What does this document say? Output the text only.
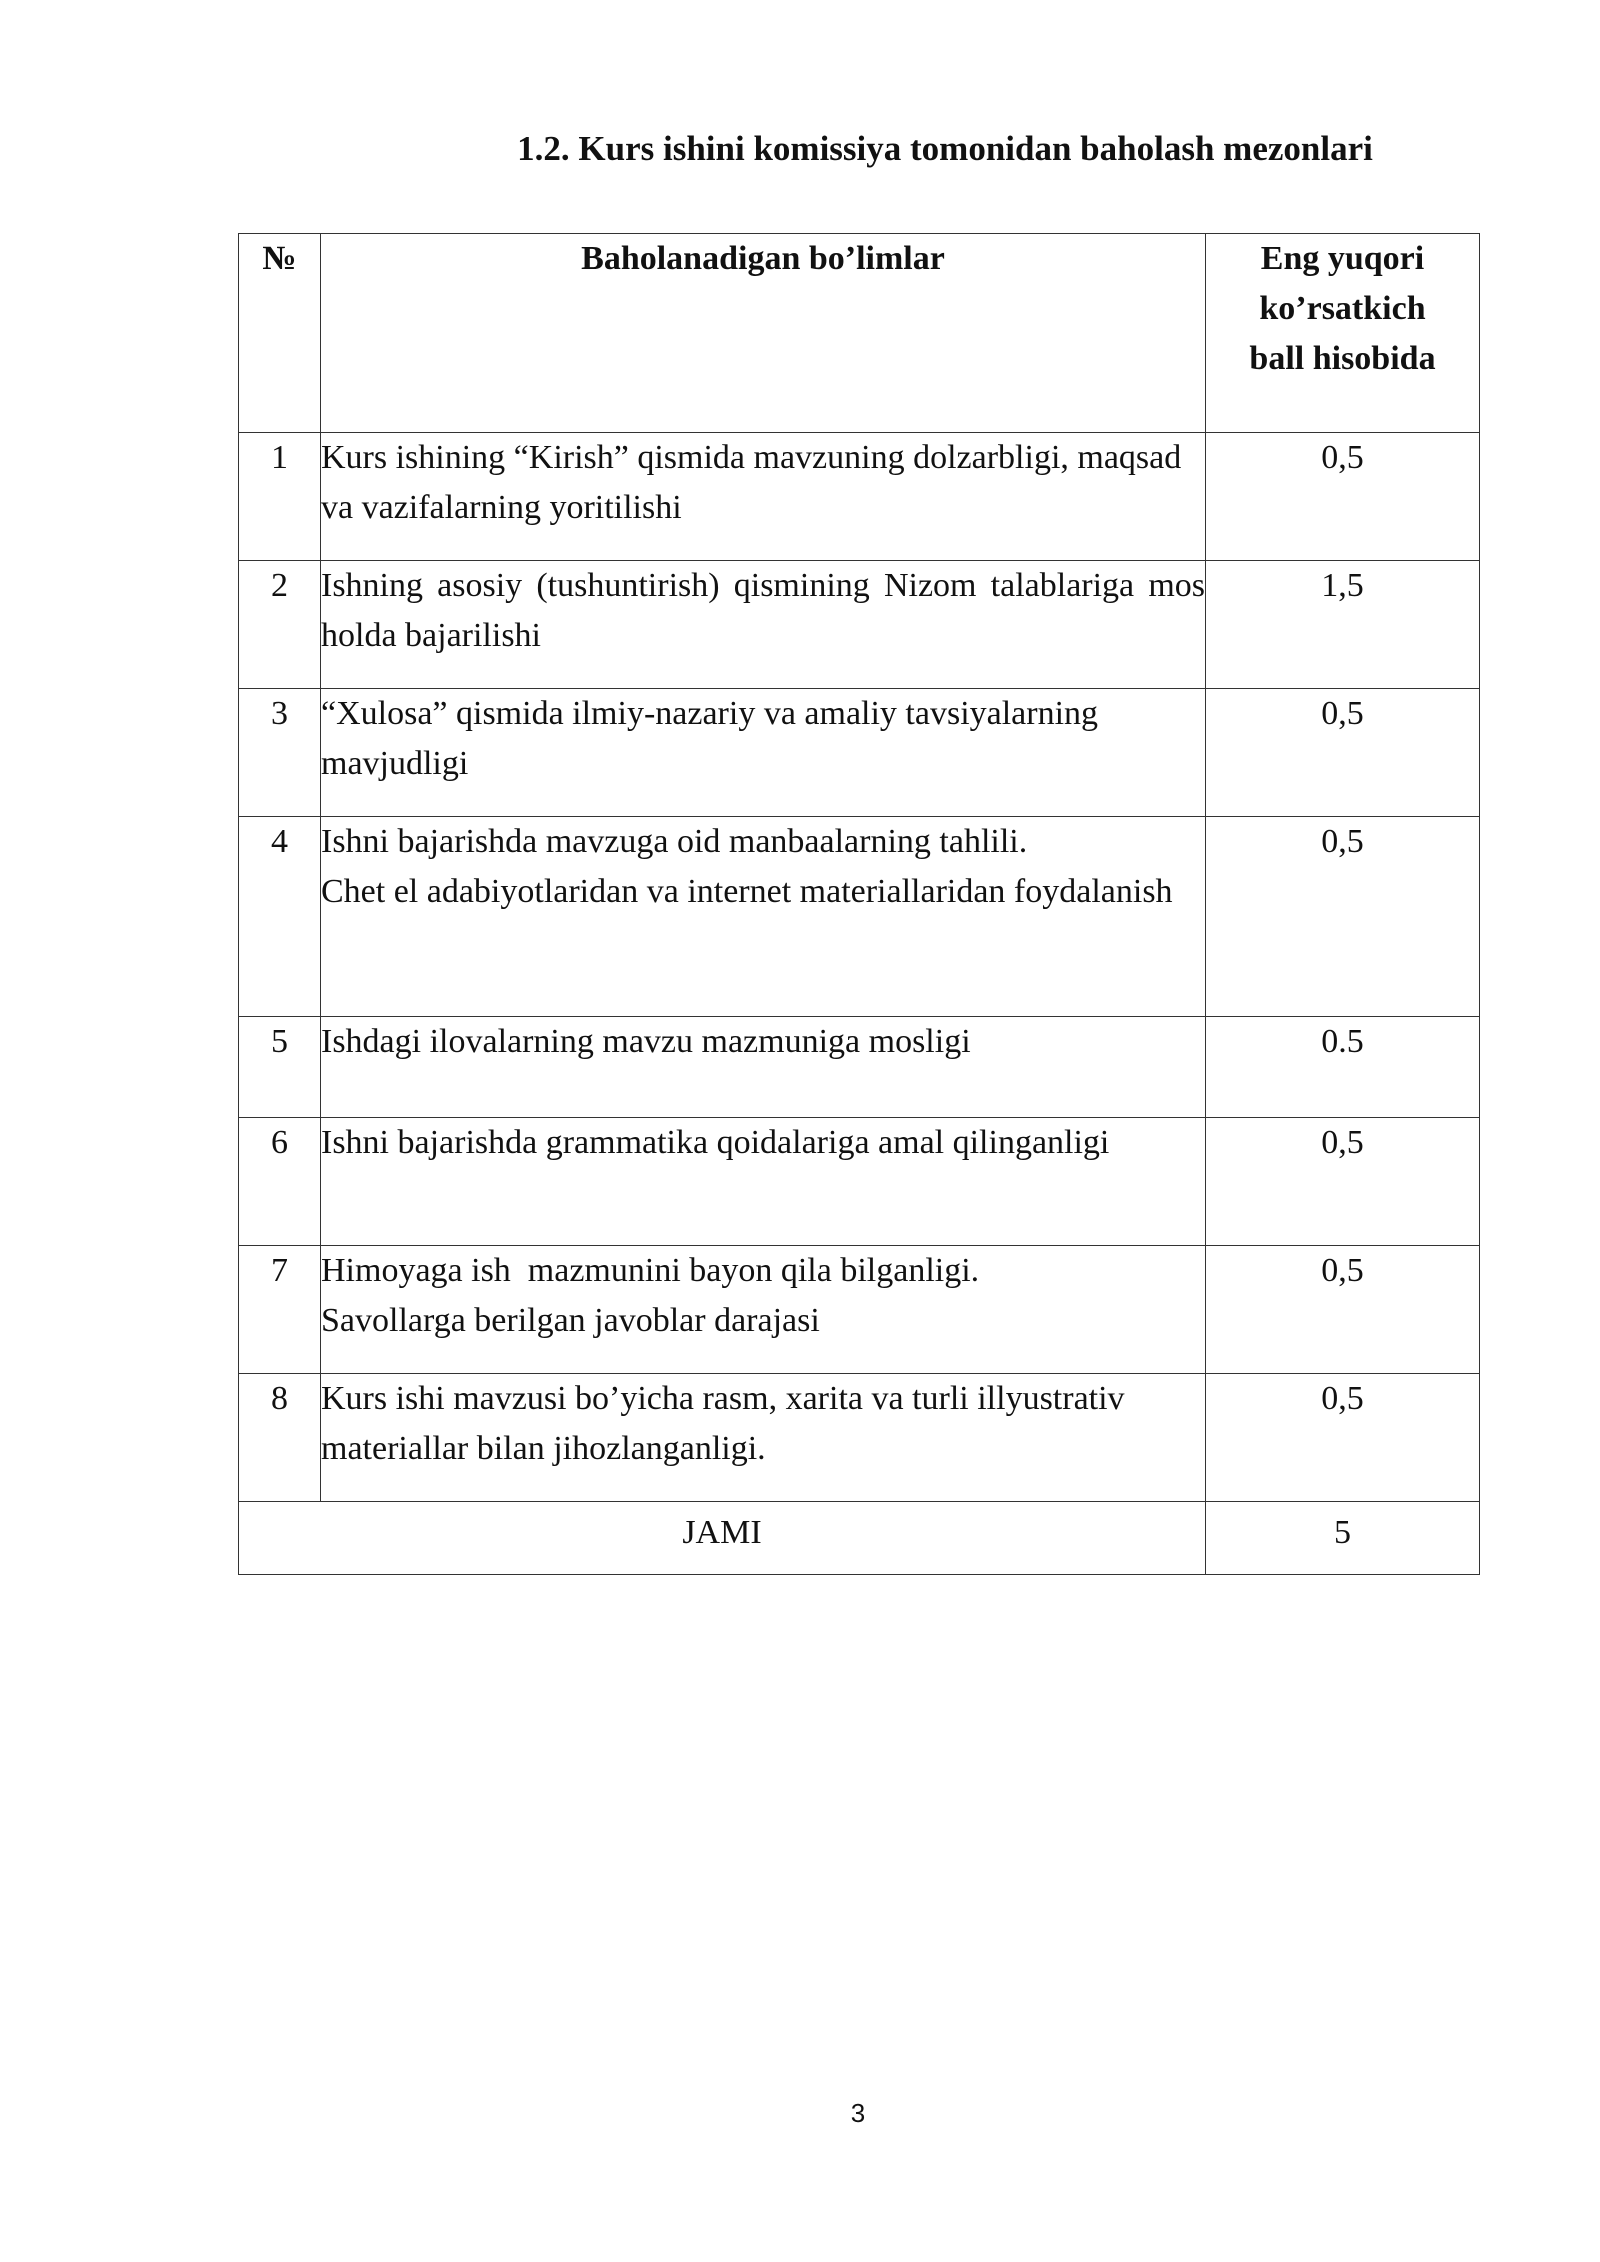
1.2. Kurs ishini komissiya tomonidan baholash mezonlari
№	Baholanadigan bo’limlar	Eng yuqori
ko’rsatkich
ball hisobida
1	Kurs ishining “Kirish” qismida mavzuning dolzarbligi, maqsad va vazifalarning yoritilishi	0,5
2	Ishning asosiy (tushuntirish) qismining Nizom talablariga mos holda bajarilishi	1,5
3	“Xulosa” qismida ilmiy-nazariy va amaliy tavsiyalarning mavjudligi	0,5
4	Ishni bajarishda mavzuga oid manbaalarning tahlili.
Chet el adabiyotlaridan va internet materiallaridan foydalanish	0,5
5	Ishdagi ilovalarning mavzu mazmuniga mosligi	0.5
6	Ishni bajarishda grammatika qoidalariga amal qilinganligi	0,5
7	Himoyaga ish  mazmunini bayon qila bilganligi.
Savollarga berilgan javoblar darajasi	0,5
8	Kurs ishi mavzusi bo’yicha rasm, xarita va turli illyustrativ materiallar bilan jihozlanganligi.	0,5
JAMI		5
3
